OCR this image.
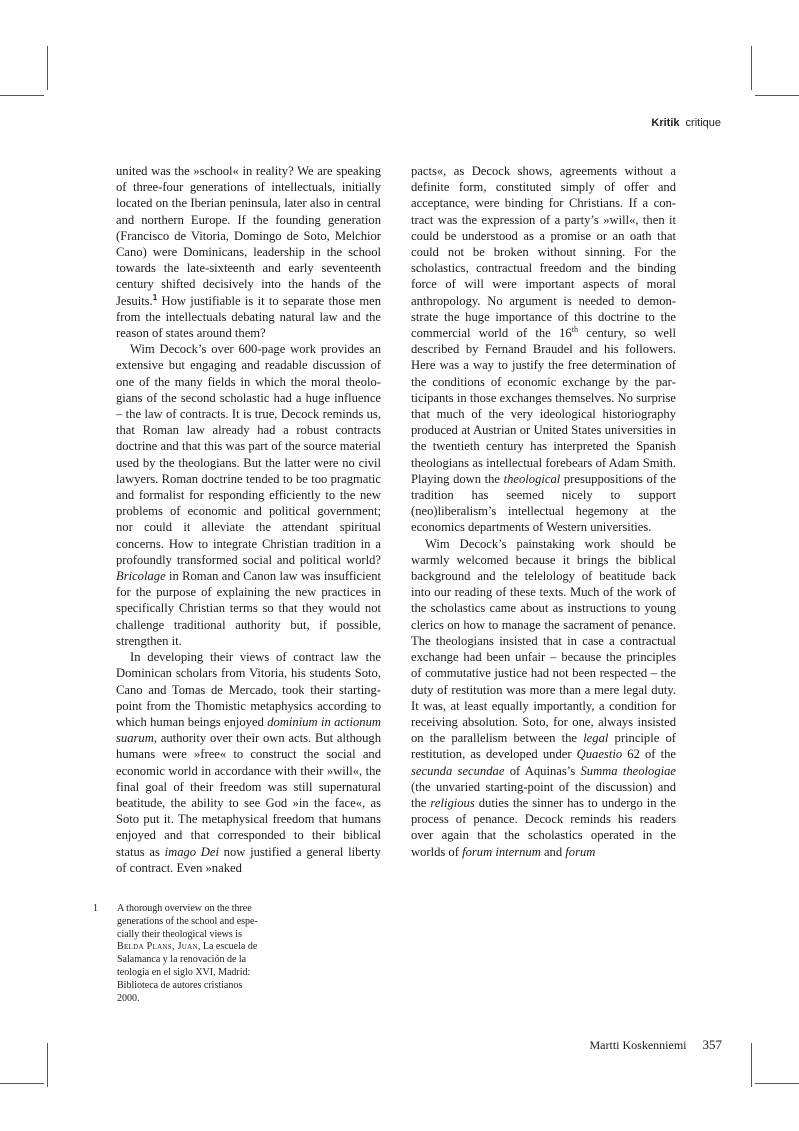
Kritik critique

united was the »school« in reality? We are speaking of three-four generations of intellectuals, initially located on the Iberian peninsula, later also in central and northern Europe. If the founding generation (Francisco de Vitoria, Domingo de Soto, Melchior Cano) were Dominicans, leadership in the school towards the late-sixteenth and early seventeenth century shifted decisively into the hands of the Jesuits.$^1$ How justifiable is it to separate those men from the intellectuals debating natural law and the reason of states around them?

Wim Decock’s over 600-page work provides an extensive but engaging and readable discussion of one of the many fields in which the moral theologians of the second scholastic had a huge influence – the law of contracts. It is true, Decock reminds us, that Roman law already had a robust contracts doctrine and that this was part of the source material used by the theologians. But the latter were no civil lawyers. Roman doctrine tended to be too pragmatic and formalist for responding efficiently to the new problems of economic and political government; nor could it alleviate the attendant spiritual concerns. How to integrate Christian tradition in a profoundly transformed social and political world? Bricolage in Roman and Canon law was insufficient for the purpose of explaining the new practices in specifically Christian terms so that they would not challenge traditional authority but, if possible, strengthen it.

In developing their views of contract law the Dominican scholars from Vitoria, his students Soto, Cano and Tomas de Mercado, took their starting-point from the Thomistic metaphysics according to which human beings enjoyed dominium in actionum suarum, authority over their own acts. But although humans were »free« to construct the social and economic world in accordance with their »will«, the final goal of their freedom was still supernatural beatitude, the ability to see God »in the face«, as Soto put it. The metaphysical freedom that humans enjoyed and that corresponded to their biblical status as imago Dei now justified a general liberty of contract. Even »naked

pacts«, as Decock shows, agreements without a definite form, constituted simply of offer and acceptance, were binding for Christians. If a contract was the expression of a party’s »will«, then it could be understood as a promise or an oath that could not be broken without sinning. For the scholastics, contractual freedom and the binding force of will were important aspects of moral anthropology. No argument is needed to demonstrate the huge importance of this doctrine to the commercial world of the 16th century, so well described by Fernand Braudel and his followers. Here was a way to justify the free determination of the conditions of economic exchange by the participants in those exchanges themselves. No surprise that much of the very ideological historiography produced at Austrian or United States universities in the twentieth century has interpreted the Spanish theologians as intellectual forebears of Adam Smith. Playing down the theological presuppositions of the tradition has seemed nicely to support (neo)liberalism’s intellectual hegemony at the economics departments of Western universities.

Wim Decock’s painstaking work should be warmly welcomed because it brings the biblical background and the telelology of beatitude back into our reading of these texts. Much of the work of the scholastics came about as instructions to young clerics on how to manage the sacrament of penance. The theologians insisted that in case a contractual exchange had been unfair – because the principles of commutative justice had not been respected – the duty of restitution was more than a mere legal duty. It was, at least equally importantly, a condition for receiving absolution. Soto, for one, always insisted on the parallelism between the legal principle of restitution, as developed under Quaestio 62 of the secunda secundae of Aquinas’s Summa theologiae (the unvaried starting-point of the discussion) and the religious duties the sinner has to undergo in the process of penance. Decock reminds his readers over again that the scholastics operated in the worlds of forum internum and forum

1 A thorough overview on the three generations of the school and especially their theological views is Belda Plans, Juan, La escuela de Salamanca y la renovación de la teologia en el siglo XVI, Madrid: Biblioteca de autores cristianos 2000.
Martti Koskenniemi 357
